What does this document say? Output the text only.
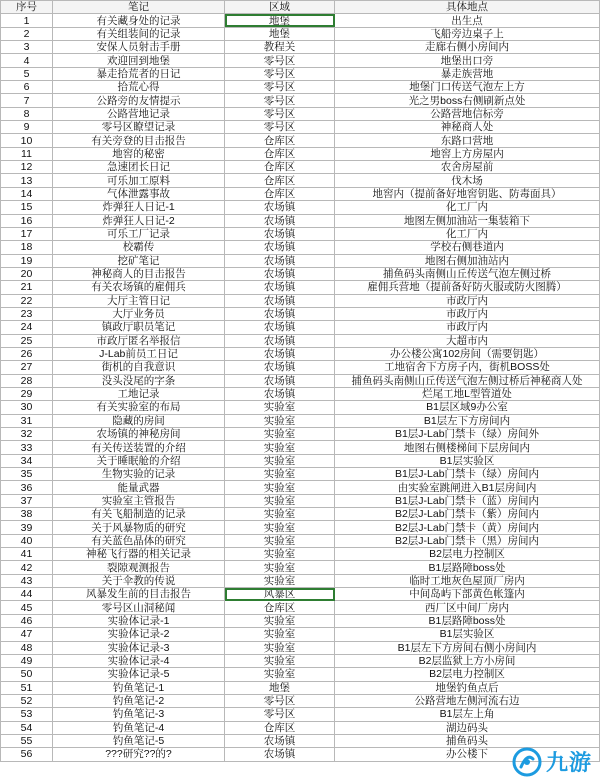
序号	笔记	区域	具体地点
1	有关藏身处的记录	地堡	出生点
2	有关组装间的记录	地堡	飞船旁边桌子上
3	安保人员射击手册	教程关	走廊右侧小房间内
4	欢迎回到地堡	零号区	地堡出口旁
5	暴走拾荒者的日记	零号区	暴走族营地
6	拾荒心得	零号区	地堡门口传送气泡左上方
7	公路旁的友情提示	零号区	光之男boss右侧刷新点处
8	公路营地记录	零号区	公路营地信标旁
9	零号区瞭望记录	零号区	神秘商人处
10	有关旁登的目击报告	仓库区	东路口营地
11	地窖的秘密	仓库区	地窖上方房屋内
12	急速团长日记	仓库区	农舍房屋前
13	可乐加工原料	仓库区	伐木场
14	气体泄露事故	仓库区	地窖内（提前备好地窖钥匙、防毒面具）
15	炸弹狂人日记-1	农场镇	化工厂内
16	炸弹狂人日记-2	农场镇	地图左侧加油站一集装箱下
17	可乐工厂记录	农场镇	化工厂内
18	校霸传	农场镇	学校右侧巷道内
19	挖矿笔记	农场镇	地图右侧加油站内
20	神秘商人的目击报告	农场镇	捕鱼码头南侧山丘传送气泡左侧过桥
21	有关农场镇的雇佣兵	农场镇	雇佣兵营地（提前备好防火服或防火图腾）
22	大厅主管日记	农场镇	市政厅内
23	大厅业务员	农场镇	市政厅内
24	镇政厅职员笔记	农场镇	市政厅内
25	市政厅匿名举报信	农场镇	大超市内
26	J-Lab前员工日记	农场镇	办公楼公寓102房间（需要钥匙）
27	街机的自我意识	农场镇	工地宿舍下方房子内，街机BOSS处
28	没头没尾的字条	农场镇	捕鱼码头南侧山丘传送气泡左侧过桥后神秘商人处
29	工地记录	农场镇	烂尾工地L型管道处
30	有关实验室的布局	实验室	B1层区域9办公室
31	隐藏的房间	实验室	B1层左下方房间内
32	农场镇的神秘房间	实验室	B1层J-Lab门禁卡（绿）房间外
33	有关传送装置的介绍	实验室	地图右侧楼梯间下层房间内
34	关于睡眠舱的介绍	实验室	B1层实验区
35	生物实验的记录	实验室	B1层J-Lab门禁卡（绿）房间内
36	能量武器	实验室	由实验室跳闸进入B1层房间内
37	实验室主管报告	实验室	B1层J-Lab门禁卡（蓝）房间内
38	有关飞船制造的记录	实验室	B2层J-Lab门禁卡（紫）房间内
39	关于风暴物质的研究	实验室	B2层J-Lab门禁卡（黄）房间内
40	有关蓝色晶体的研究	实验室	B2层J-Lab门禁卡（黑）房间内
41	神秘飞行器的相关记录	实验室	B2层电力控制区
42	裂隙观测报告	实验室	B1层路障boss处
43	关于伞教的传说	实验室	临时工地灰色屋顶厂房内
44	风暴发生前的目击报告	风暴区	中间岛屿下部黄色帐篷内
45	零号区山洞秘闻	仓库区	西厂区中间厂房内
46	实验体记录-1	实验室	B1层路障boss处
47	实验体记录-2	实验室	B1层实验区
48	实验体记录-3	实验室	B1层左下方房间右侧小房间内
49	实验体记录-4	实验室	B2层监狱上方小房间
50	实验体记录-5	实验室	B2层电力控制区
51	钓鱼笔记-1	地堡	地堡钓鱼点后
52	钓鱼笔记-2	零号区	公路营地左侧河流右边
53	钓鱼笔记-3	零号区	B1层左上角
54	钓鱼笔记-4	仓库区	湖边码头
55	钓鱼笔记-5	农场镇	捕鱼码头
56	???研究??的?	农场镇	办公楼下	九游
